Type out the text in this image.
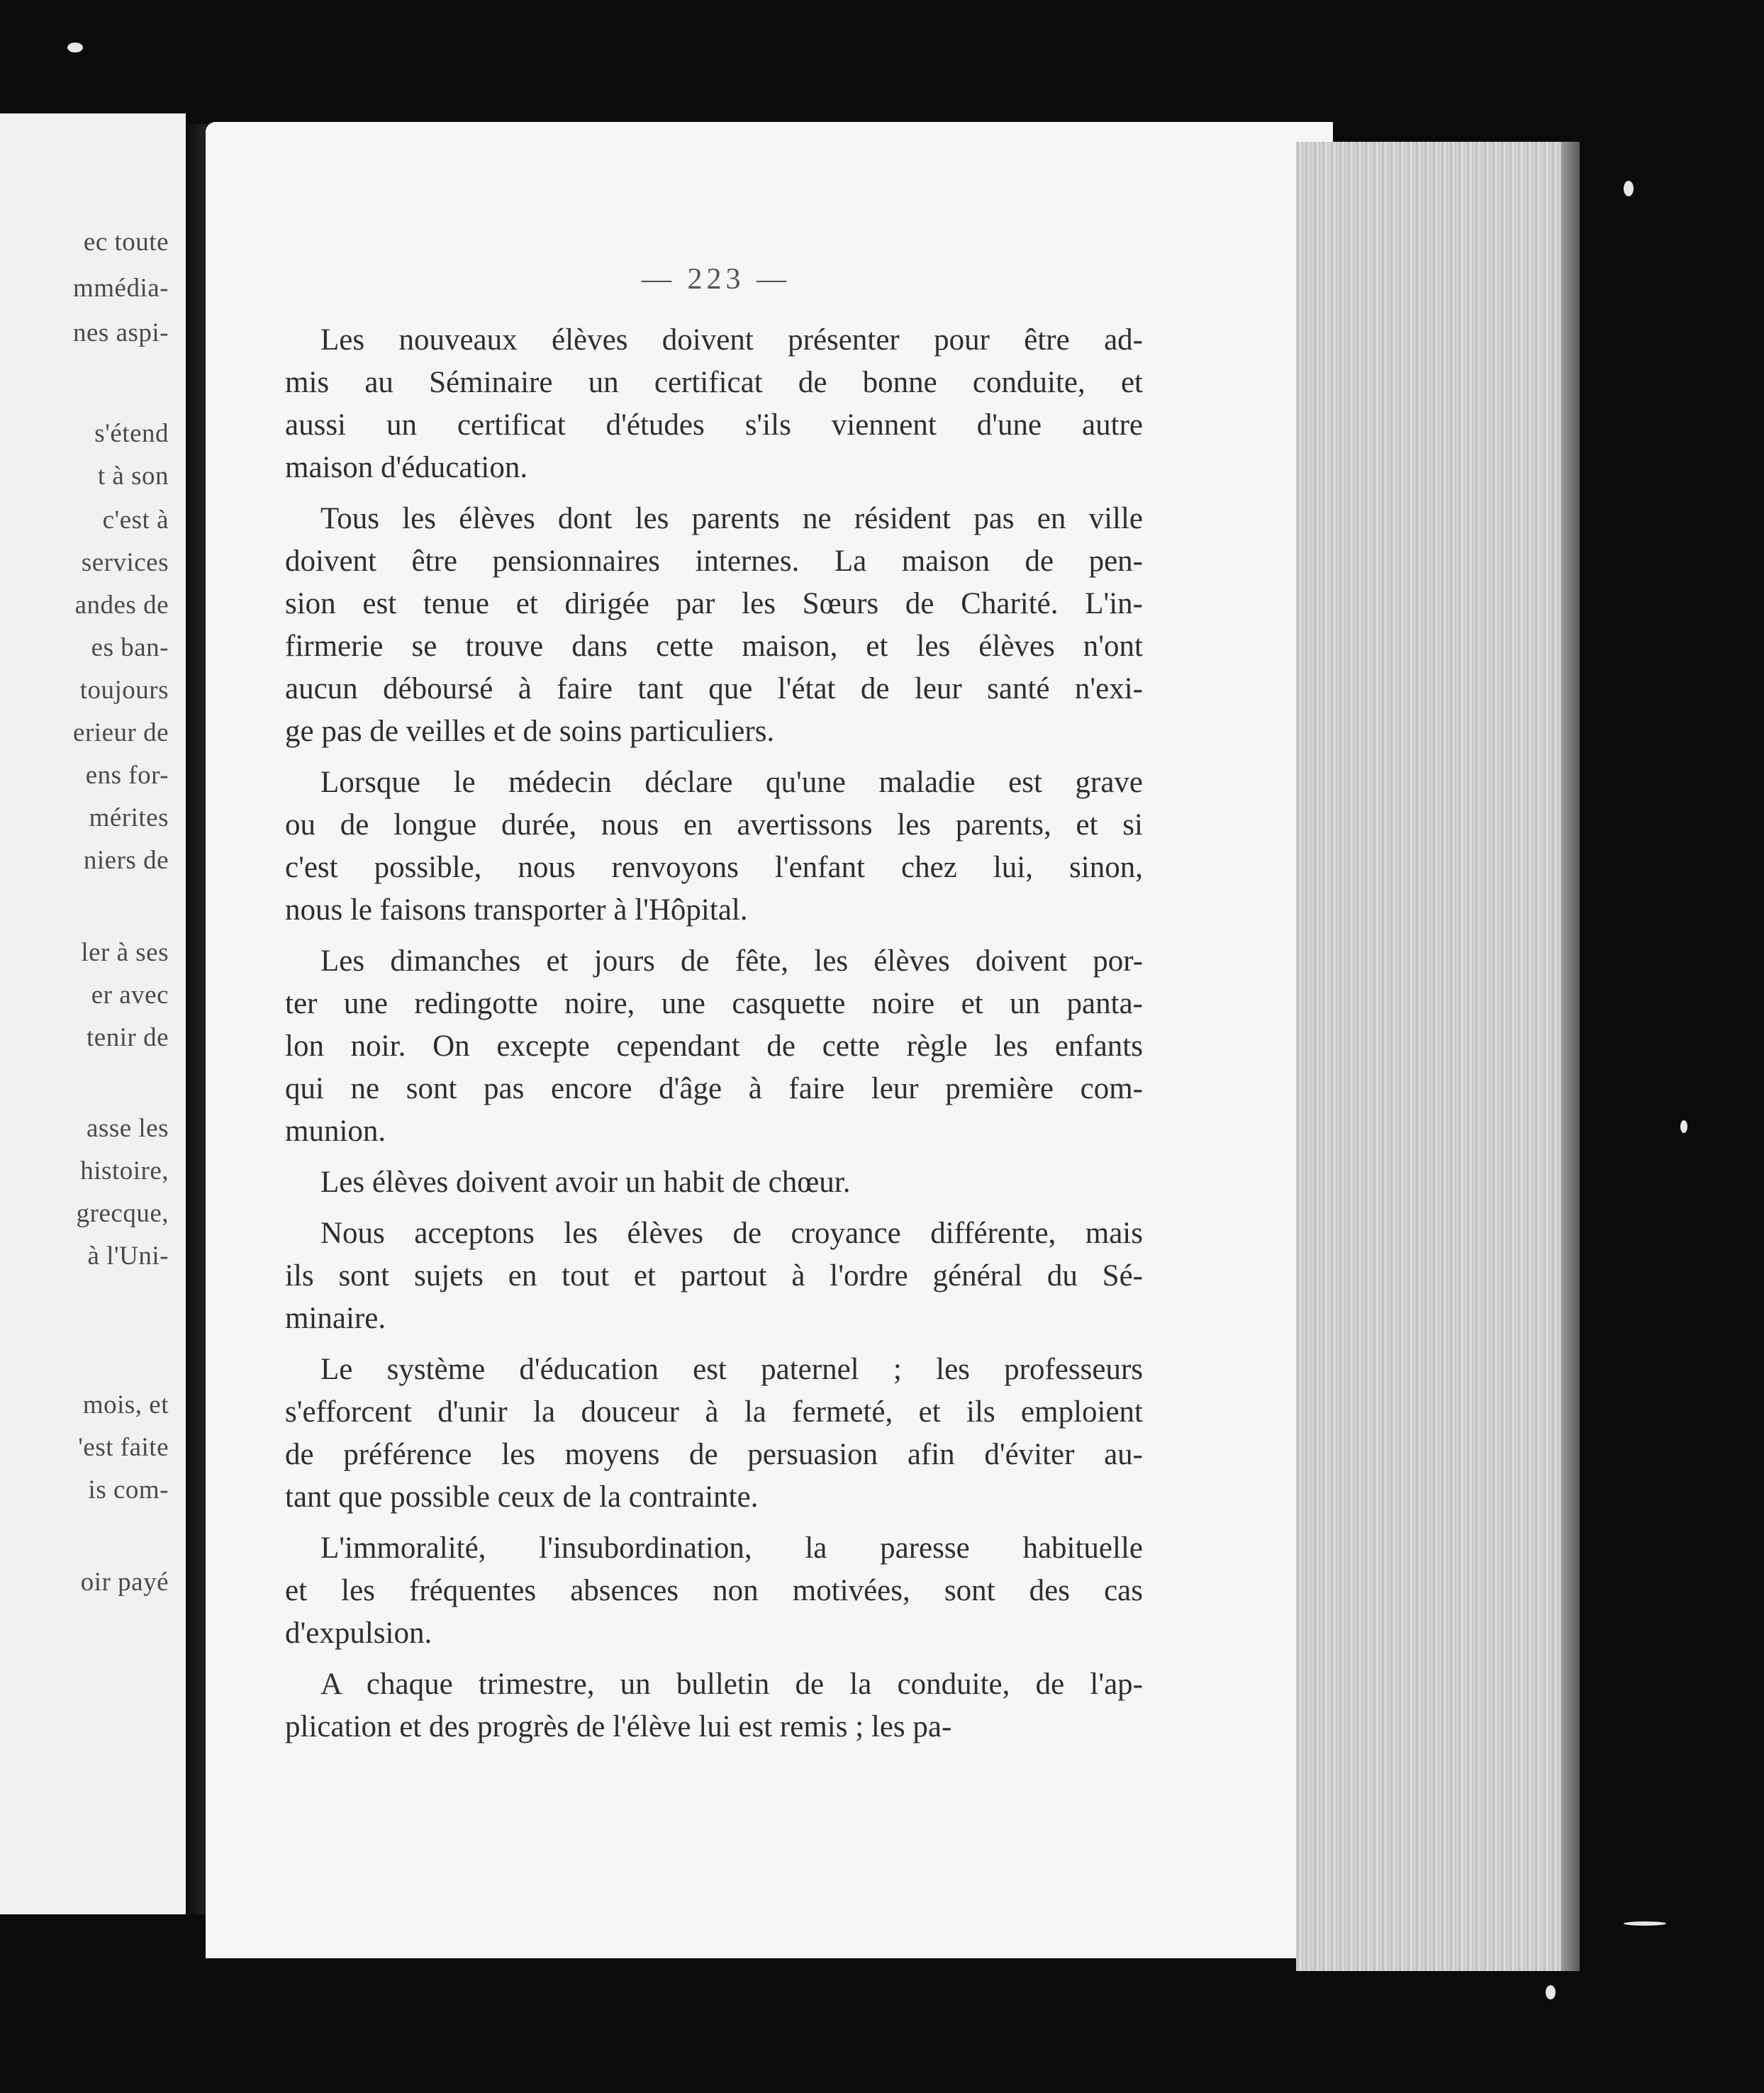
ec toute
mmédia-
nes aspi-
s'étend
t à son
c'est à
services
andes de
es ban-
toujours
erieur de
ens for-
mérites
niers de
ler à ses
er avec
tenir de
asse les
histoire,
grecque,
à l'Uni-
mois, et
'est faite
is com-
oir payé
— 223 —
Les nouveaux élèves doivent présenter pour être ad-
mis au Séminaire un certificat de bonne conduite, et
aussi un certificat d'études s'ils viennent d'une autre
maison d'éducation.
Tous les élèves dont les parents ne résident pas en ville
doivent être pensionnaires internes. La maison de pen-
sion est tenue et dirigée par les Sœurs de Charité. L'in-
firmerie se trouve dans cette maison, et les élèves n'ont
aucun déboursé à faire tant que l'état de leur santé n'exi-
ge pas de veilles et de soins particuliers.
Lorsque le médecin déclare qu'une maladie est grave
ou de longue durée, nous en avertissons les parents, et si
c'est possible, nous renvoyons l'enfant chez lui, sinon,
nous le faisons transporter à l'Hôpital.
Les dimanches et jours de fête, les élèves doivent por-
ter une redingotte noire, une casquette noire et un panta-
lon noir. On excepte cependant de cette règle les enfants
qui ne sont pas encore d'âge à faire leur première com-
munion.
Les élèves doivent avoir un habit de chœur.
Nous acceptons les élèves de croyance différente, mais
ils sont sujets en tout et partout à l'ordre général du Sé-
minaire.
Le système d'éducation est paternel ; les professeurs
s'efforcent d'unir la douceur à la fermeté, et ils emploient
de préférence les moyens de persuasion afin d'éviter au-
tant que possible ceux de la contrainte.
L'immoralité, l'insubordination, la paresse habituelle
et les fréquentes absences non motivées, sont des cas
d'expulsion.
A chaque trimestre, un bulletin de la conduite, de l'ap-
plication et des progrès de l'élève lui est remis ; les pa-
